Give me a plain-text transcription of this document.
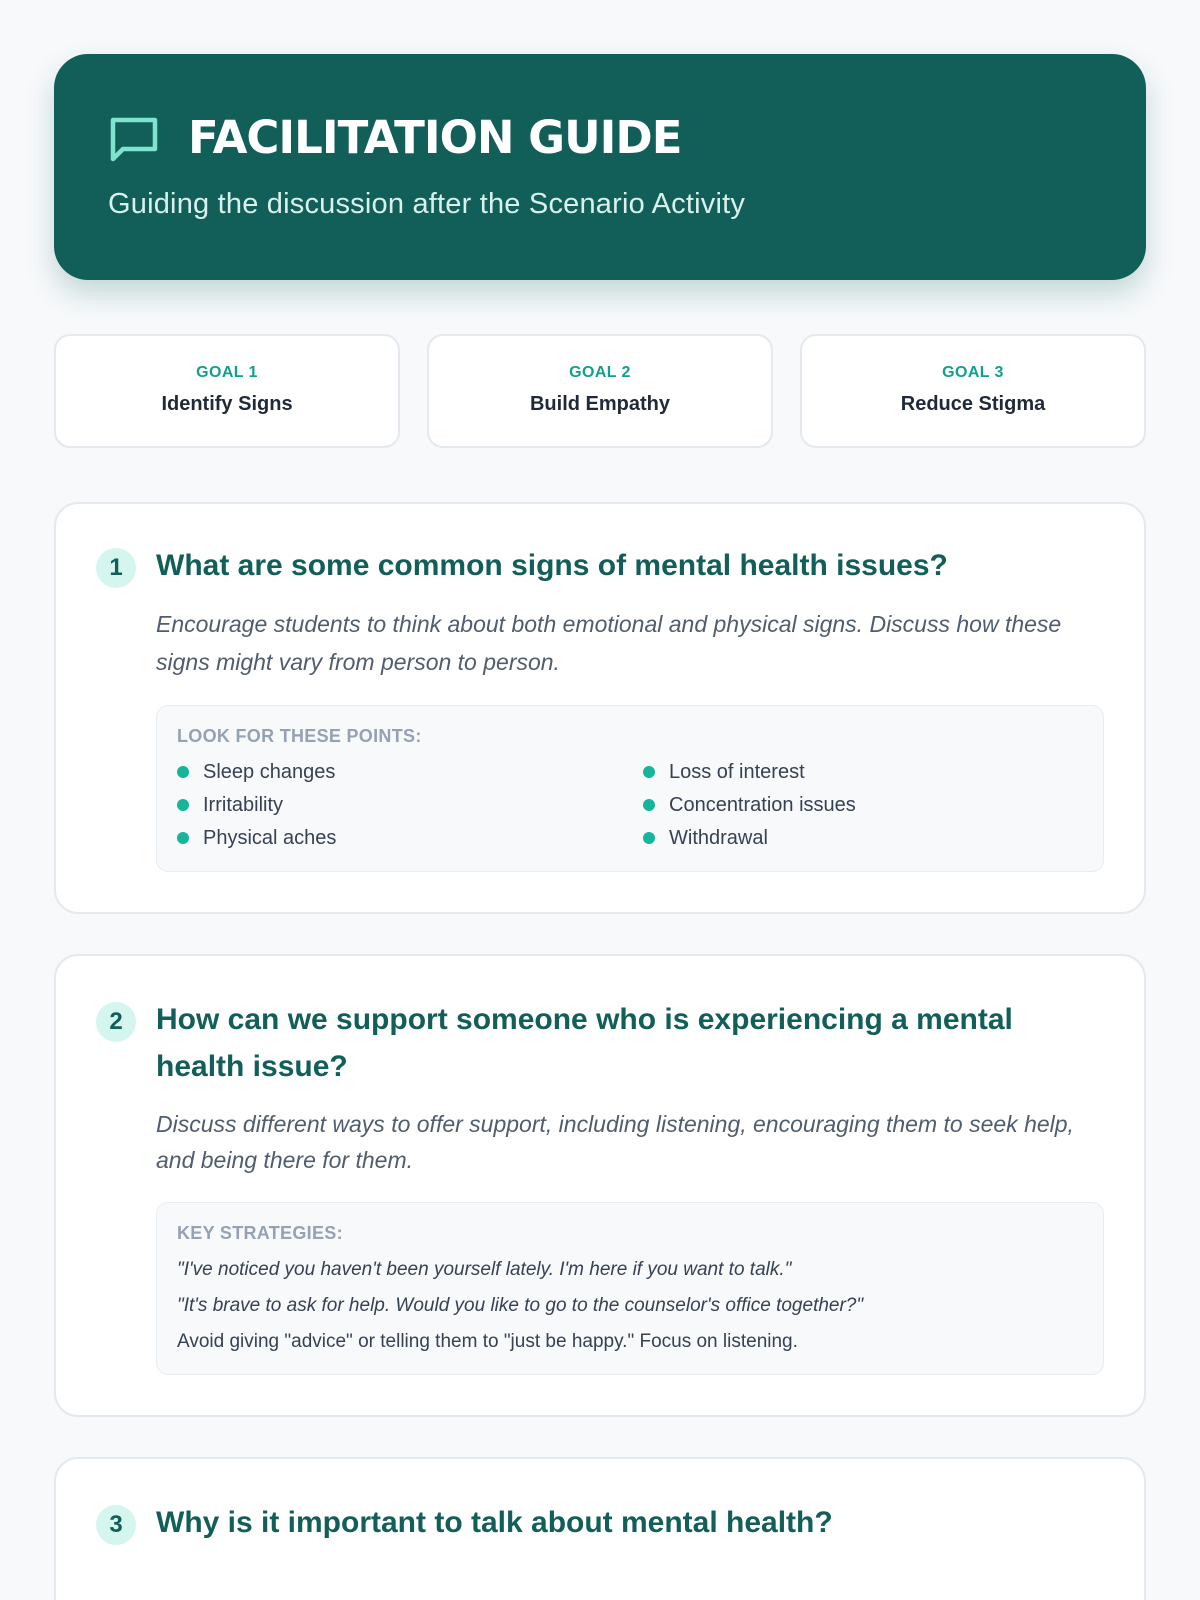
FACILITATION GUIDE

Guiding the discussion after the Scenario Activity

GOAL 1
Identify Signs
GOAL 2
Build Empathy
GOAL 3
Reduce Stigma
1	What are some common signs of mental health issues?

Encourage students to think about both emotional and physical signs. Discuss how these signs might vary from person to person.

LOOK FOR THESE POINTS:
Sleep changes	Loss of interest
Irritability	Concentration issues
Physical aches	Withdrawal
2	How can we support someone who is experiencing a mental health issue?

Discuss different ways to offer support, including listening, encouraging them to seek help, and being there for them.

KEY STRATEGIES:
"I've noticed you haven't been yourself lately. I'm here if you want to talk."
"It's brave to ask for help. Would you like to go to the counselor's office together?"
Avoid giving "advice" or telling them to "just be happy." Focus on listening.
3	Why is it important to talk about mental health?
